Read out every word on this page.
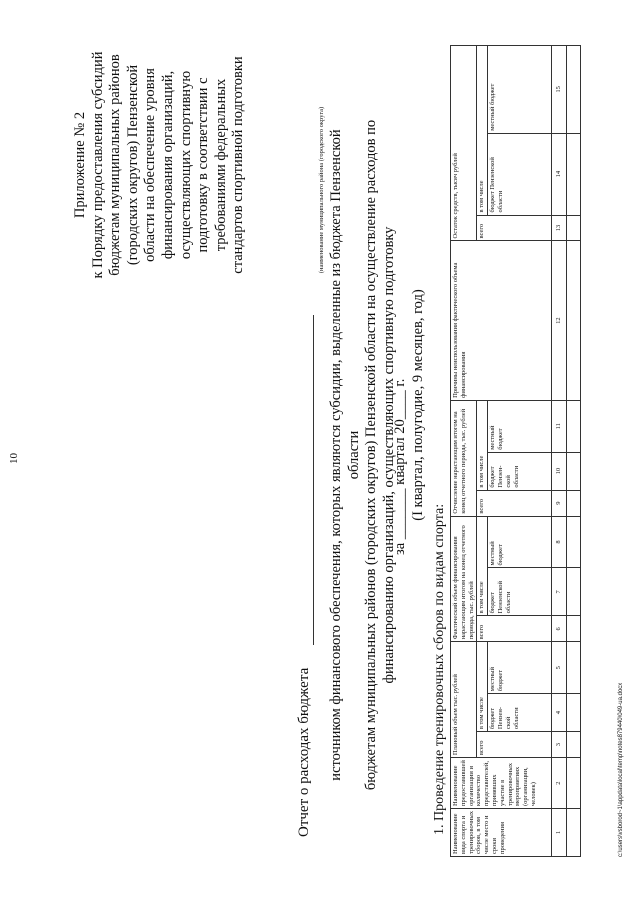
10
Приложение № 2 к Порядку предоставления субсидий бюджетам муниципальных районов (городских округов) Пензенской области на обеспечение уровня финансирования организаций, осуществляющих спортивную подготовку в соответствии с требованиями федеральных стандартов спортивной подготовки
Отчет о расходах бюджета
(наименование муниципального района (городского округа) источником финансового обеспечения, которых являются субсидии, выделенные из бюджета Пензенской области бюджетам муниципальных районов (городских округов) Пензенской области на осуществление расходов по финансированию организаций, осуществляющих спортивную подготовку
за _______ квартал 20____ г. (I квартал, полугодие, 9 месяцев, год)
1. Проведение тренировочных сборов по видам спорта: Наименование вида спорта и тренировочных сборов, в том числе место и сроки проведения	Наименование предоставившей организации и количество представителей, принявших участие в тренировочных мероприятиях (организации, человек)	Плановый объем тыс. рублей			Фактический объем финансирования нарастающим итогом на конец отчетного периода, тыс. рублей			Отчисление нарастающим итогом на конец отчетного периода, тыс. рублей			Причины неиспользования фактического объема финансирования	Остаток средств, тысяч рублей		
		всего	в том числе		всего	в том числе		всего	в том числе			всего	в том числе	
			бюджет Пензен-ской области	местный бюджет		бюджет Пензенской области	местный бюджет		бюджет Пензен-ской области	местный бюджет			бюджет Пензенской области	местный бюджет
1	2	3	4	5	6	7	8	9	10	11	12	13	14	15

c:\users\vsborod~1\appdata\local\temp\notes879440\049-ua.docx
